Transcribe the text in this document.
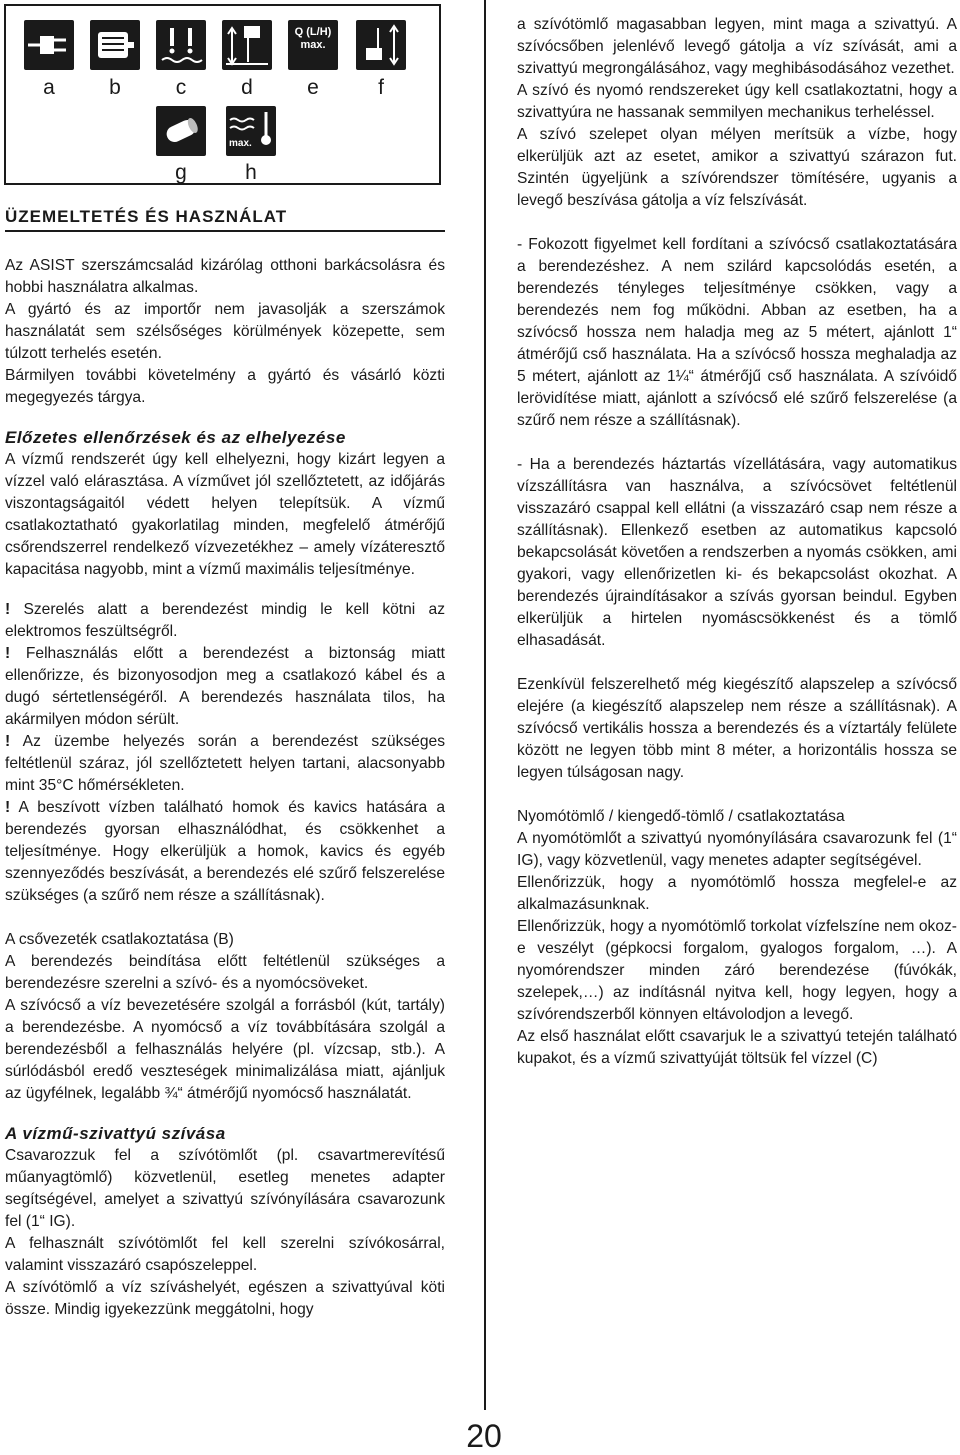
a	b	c	d
Q (L/H) max.
e	f
g
max.
h
ÜZEMELTETÉS ÉS HASZNÁLAT

Az ASIST szerszámcsalád kizárólag otthoni barkácsolásra és hobbi használatra alkalmas.

A gyártó és az importőr nem javasolják a szerszámok használatát sem szélsőséges körülmények közepette, sem túlzott terhelés esetén.

Bármilyen további követelmény a gyártó és vásárló közti megegyezés tárgya.

Előzetes ellenőrzések és az elhelyezése

A vízmű rendszerét úgy kell elhelyezni, hogy kizárt legyen a vízzel való elárasztása. A vízművet jól szellőztetett, az időjárás viszontagságaitól védett helyen telepítsük. A vízmű csatlakoztatható gyakorlatilag minden, megfelelő átmérőjű csőrendszerrel rendelkező vízvezetékhez – amely vízáteresztő kapacitása nagyobb, mint a vízmű maximális teljesítménye.

! Szerelés alatt a berendezést mindig le kell kötni az elektromos feszültségről.

! Felhasználás előtt a berendezést a biztonság miatt ellenőrizze, és bizonyosodjon meg a csatlakozó kábel és a dugó sértetlenségéről. A berendezés használata tilos, ha akármilyen módon sérült.

! Az üzembe helyezés során a berendezést szükséges feltétlenül száraz, jól szellőztetett helyen tartani, alacsonyabb mint 35°C hőmérsékleten.

! A beszívott vízben található homok és kavics hatására a berendezés gyorsan elhasználódhat, és csökkenhet a teljesítménye. Hogy elkerüljük a homok, kavics és egyéb szennyeződés beszívását, a berendezés elé szűrő felszerelése szükséges (a szűrő nem része a szállításnak).

A csővezeték csatlakoztatása (B)

A berendezés beindítása előtt feltétlenül szükséges a berendezésre szerelni a szívó- és a nyomócsöveket.

A szívócső a víz bevezetésére szolgál a forrásból (kút, tartály) a berendezésbe. A nyomócső a víz továbbítására szolgál a berendezésből a felhasználás helyére (pl. vízcsap, stb.). A súrlódásból eredő veszteségek minimalizálása miatt, ajánljuk az ügyfélnek, legalább ¾“ átmérőjű nyomócső használatát.

A vízmű-szivattyú szívása

Csavarozzuk fel a szívótömlőt (pl. csavartmerevítésű műanyagtömlő) közvetlenül, esetleg menetes adapter segítségével, amelyet a szivattyú szívónyílására csavarozunk fel (1“ IG).

A felhasznált szívótömlőt fel kell szerelni szívókosárral, valamint visszazáró csapószeleppel.

A szívótömlő a víz szíváshelyét, egészen a szivattyúval köti össze. Mindig igyekezzünk meggátolni, hogy

a szívótömlő magasabban legyen, mint maga a szivattyú. A szívócsőben jelenlévő levegő gátolja a víz szívását, ami a szivattyú megrongálásához, vagy meghibásodásához vezethet.

A szívó és nyomó rendszereket úgy kell csatlakoztatni, hogy a szivattyúra ne hassanak semmilyen mechanikus terheléssel.

A szívó szelepet olyan mélyen merítsük a vízbe, hogy elkerüljük azt az esetet, amikor a szivattyú szárazon fut. Szintén ügyeljünk a szívórendszer tömítésére, ugyanis a levegő beszívása gátolja a víz felszívását.

- Fokozott figyelmet kell fordítani a szívócső csatlakoztatására a berendezéshez. A nem szilárd kapcsolódás esetén, a berendezés tényleges teljesítménye csökken, vagy a berendezés nem fog működni. Abban az esetben, ha a szívócső hossza nem haladja meg az 5 métert, ajánlott 1“ átmérőjű cső használata. Ha a szívócső hossza meghaladja az 5 métert, ajánlott az 1¼“ átmérőjű cső használata. A szívóidő lerövidítése miatt, ajánlott a szívócső elé szűrő felszerelése (a szűrő nem része a szállításnak).

- Ha a berendezés háztartás vízellátására, vagy automatikus vízszállításra van használva, a szívócsövet feltétlenül visszazáró csappal kell ellátni (a visszazáró csap nem része a szállításnak). Ellenkező esetben az automatikus kapcsoló bekapcsolását követően a rendszerben a nyomás csökken, ami gyakori, vagy ellenőrizetlen ki- és bekapcsolást okozhat. A berendezés újraindításakor a szívás gyorsan beindul. Egyben elkerüljük a hirtelen nyomáscsökkenést és a tömlő elhasadását.

Ezenkívül felszerelhető még kiegészítő alapszelep a szívócső elejére (a kiegészítő alapszelep nem része a szállításnak). A szívócső vertikális hossza a berendezés és a víztartály felülete között ne legyen több mint 8 méter, a horizontális hossza se legyen túlságosan nagy.

Nyomótömlő / kiengedő-tömlő / csatlakoztatása

A nyomótömlőt a szivattyú nyomónyílására csavarozunk fel (1“ IG), vagy közvetlenül, vagy menetes adapter segítségével.

Ellenőrizzük, hogy a nyomótömlő hossza megfelel-e az alkalmazásunknak.

Ellenőrizzük, hogy a nyomótömlő torkolat vízfelszíne nem okoz-e veszélyt (gépkocsi forgalom, gyalogos forgalom, …). A nyomórendszer minden záró berendezése (fúvókák, szelepek,…) az indításnál nyitva kell, hogy legyen, hogy a szívórendszerből könnyen eltávolodjon a levegő.

Az első használat előtt csavarjuk le a szivattyú tetején található kupakot, és a vízmű szivattyúját töltsük fel vízzel (C)

20
